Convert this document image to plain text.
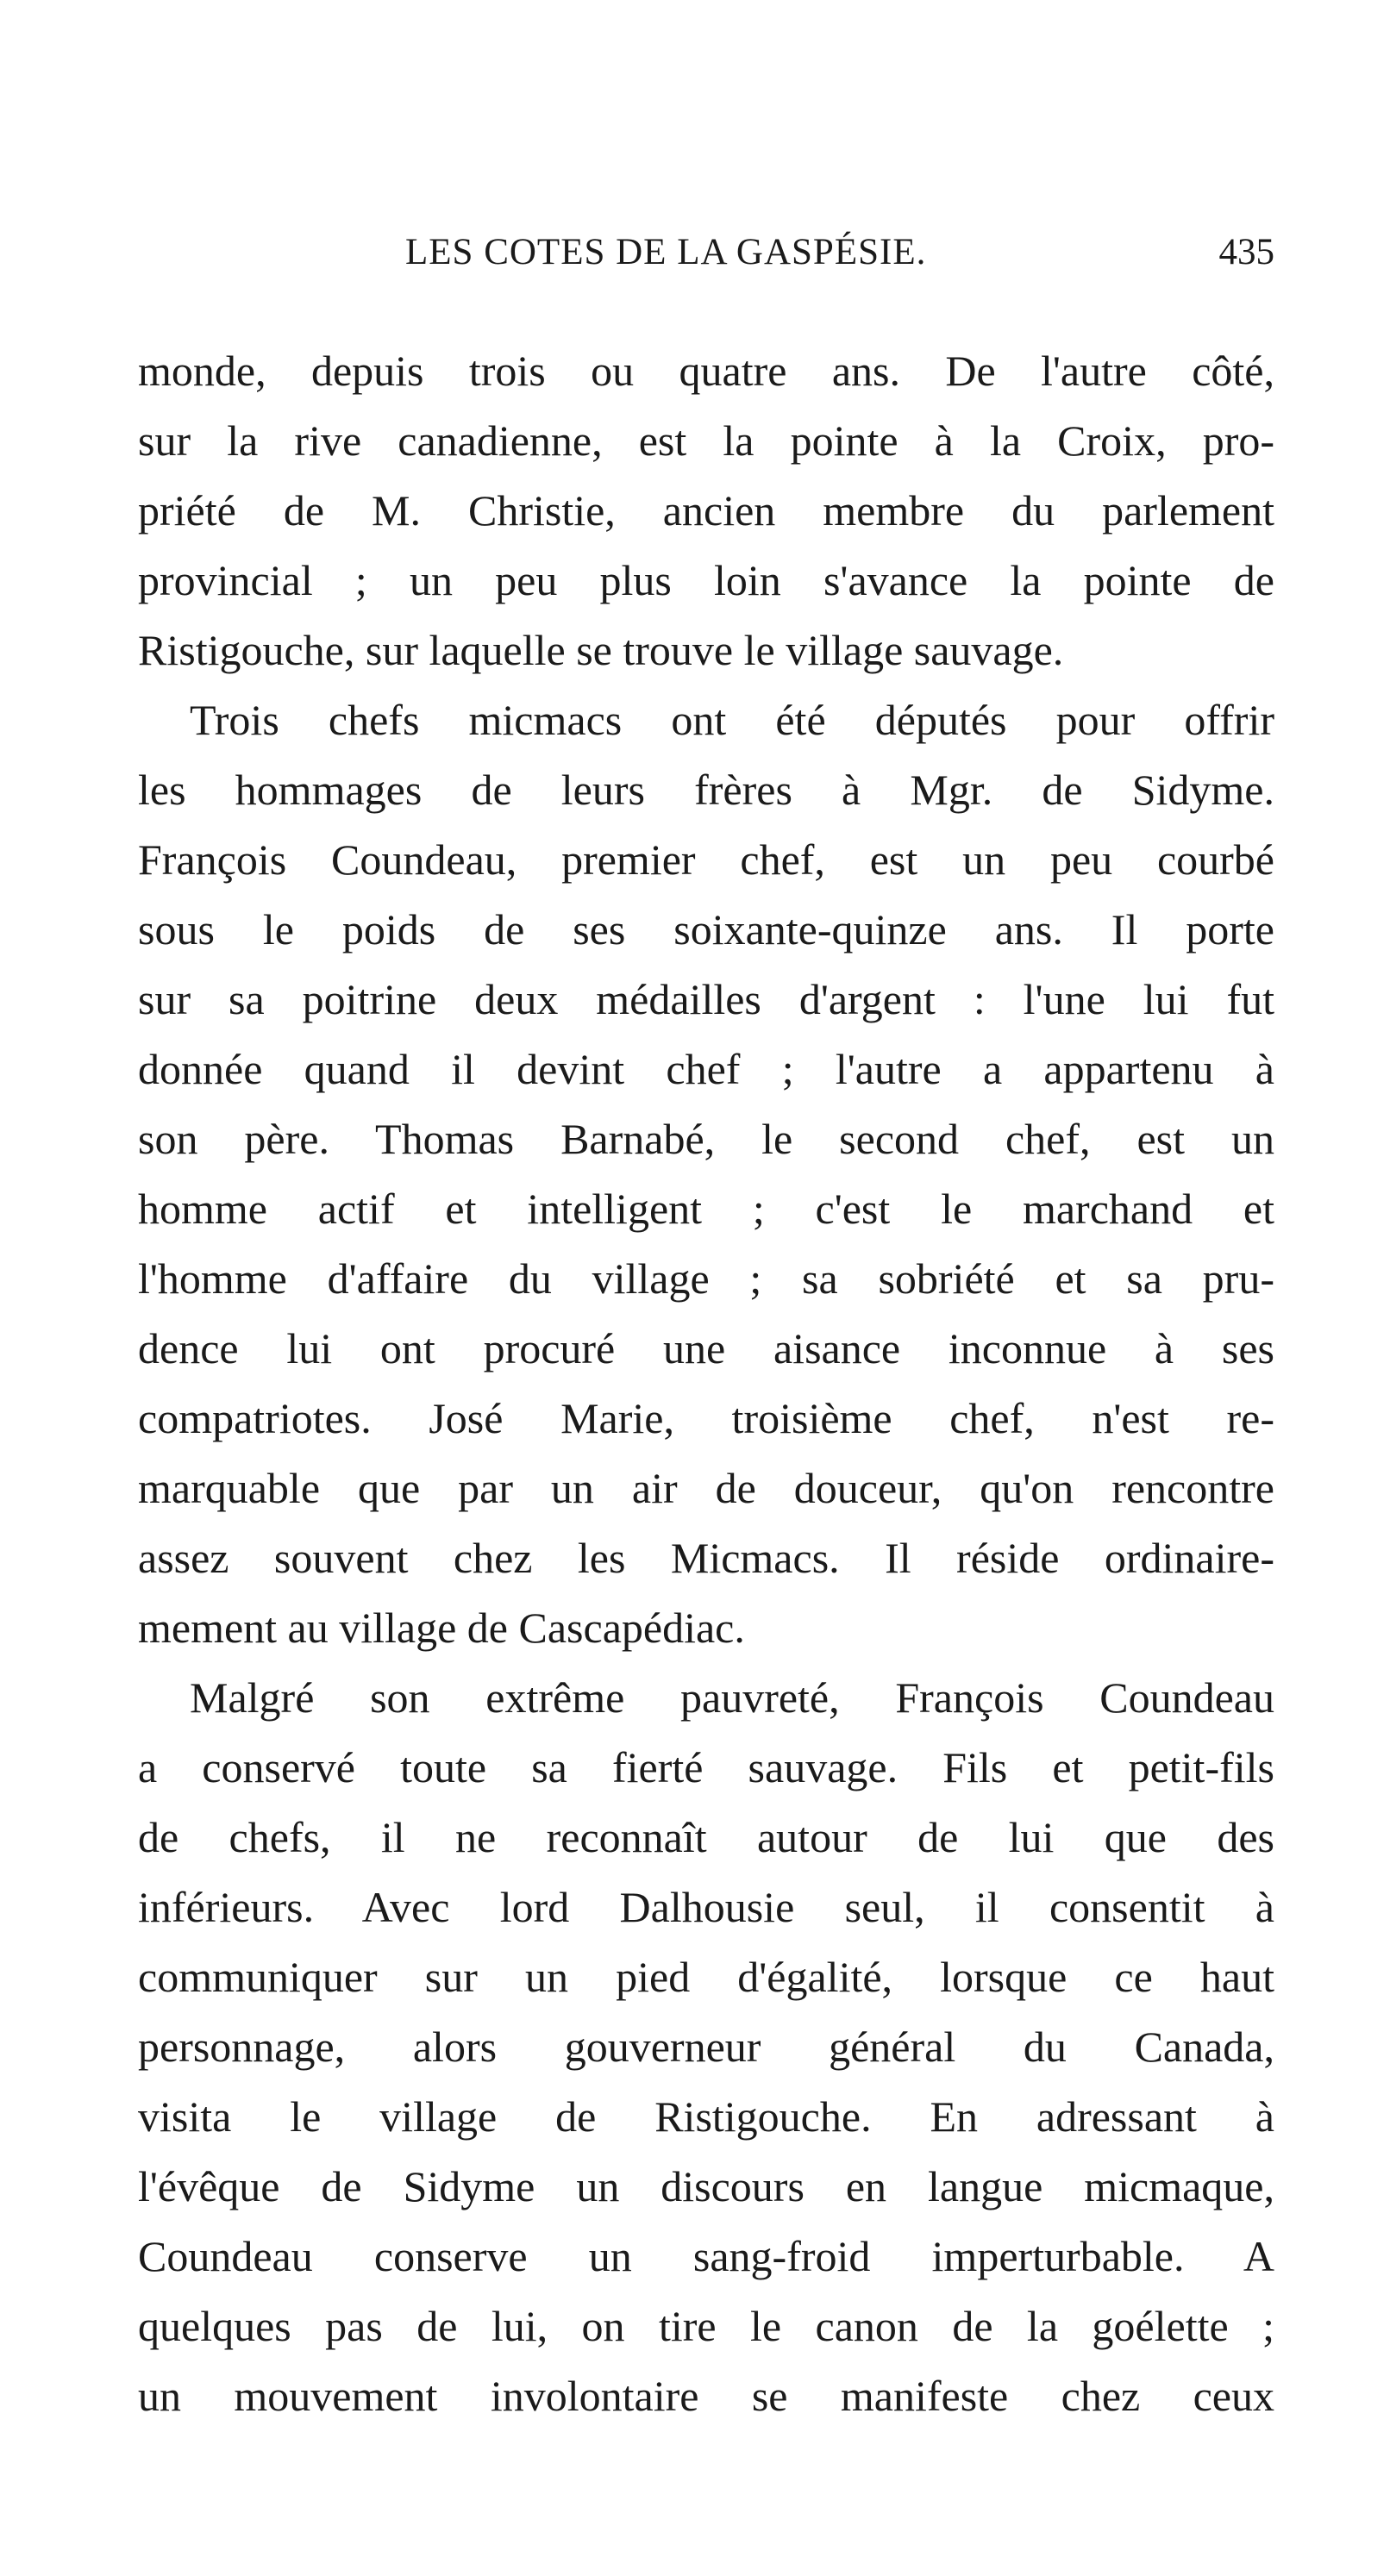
LES COTES DE LA GASPÉSIE.	435
monde, depuis trois ou quatre ans. De l'autre côté,
sur la rive canadienne, est la pointe à la Croix, pro-
priété de M. Christie, ancien membre du parlement
provincial ; un peu plus loin s'avance la pointe de
Ristigouche, sur laquelle se trouve le village sauvage.
Trois chefs micmacs ont été députés pour offrir
les hommages de leurs frères à Mgr. de Sidyme.
François Coundeau, premier chef, est un peu courbé
sous le poids de ses soixante-quinze ans. Il porte
sur sa poitrine deux médailles d'argent : l'une lui fut
donnée quand il devint chef ; l'autre a appartenu à
son père. Thomas Barnabé, le second chef, est un
homme actif et intelligent ; c'est le marchand et
l'homme d'affaire du village ; sa sobriété et sa pru-
dence lui ont procuré une aisance inconnue à ses
compatriotes. José Marie, troisième chef, n'est re-
marquable que par un air de douceur, qu'on rencontre
assez souvent chez les Micmacs. Il réside ordinaire-
mement au village de Cascapédiac.
Malgré son extrême pauvreté, François Coundeau
a conservé toute sa fierté sauvage. Fils et petit-fils
de chefs, il ne reconnaît autour de lui que des
inférieurs. Avec lord Dalhousie seul, il consentit à
communiquer sur un pied d'égalité, lorsque ce haut
personnage, alors gouverneur général du Canada,
visita le village de Ristigouche. En adressant à
l'évêque de Sidyme un discours en langue micmaque,
Coundeau conserve un sang-froid imperturbable. A
quelques pas de lui, on tire le canon de la goélette ;
un mouvement involontaire se manifeste chez ceux
